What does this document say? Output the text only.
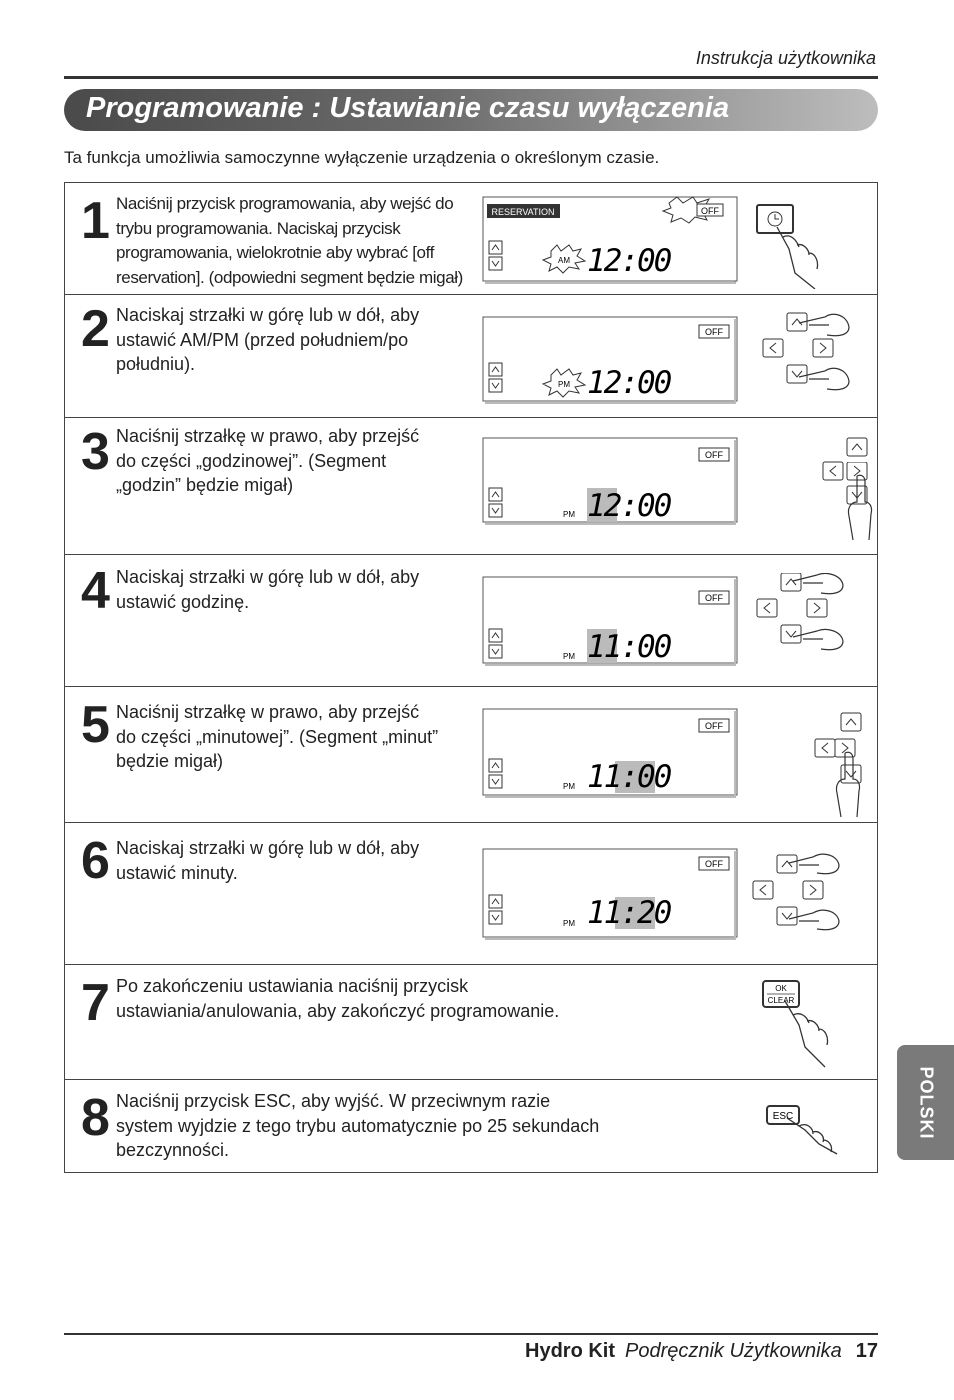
Instrukcja użytkownika
Programowanie : Ustawianie czasu wyłączenia
Ta funkcja umożliwia samoczynne wyłączenie urządzenia o określonym czasie.
1 Naciśnij przycisk programowania, aby wejść do
trybu programowania. Naciskaj przycisk
programowania, wielokrotnie aby wybrać [off
reservation]. (odpowiedni segment będzie migał)
RESERVATION	OFF
AM 12:00
2 Naciskaj strzałki w górę lub w dół, aby
ustawić AM/PM (przed południem/po
południu).
OFF
PM 12:00
3 Naciśnij strzałkę w prawo, aby przejść
do części „godzinowej”. (Segment
„godzin” będzie migał)
OFF
PM 12:00
4 Naciskaj strzałki w górę lub w dół, aby
ustawić godzinę.	OFF
PM 11:00
5 Naciśnij strzałkę w prawo, aby przejść
do części „minutowej”. (Segment „minut”
będzie migał)
OFF
PM 11:00
6 Naciskaj strzałki w górę lub w dół, aby
ustawić minuty.	OFF
PM 11:20
7 Po zakończeniu ustawiania naciśnij przycisk
ustawiania/anulowania, aby zakończyć programowanie.
OK
CLEAR
8 Naciśnij przycisk ESC, aby wyjść. W przeciwnym razie
system wyjdzie z tego trybu automatycznie po 25 sekundach
bezczynności.
ESC	POLSKI
Hydro Kit Podręcznik Użytkownika 17
